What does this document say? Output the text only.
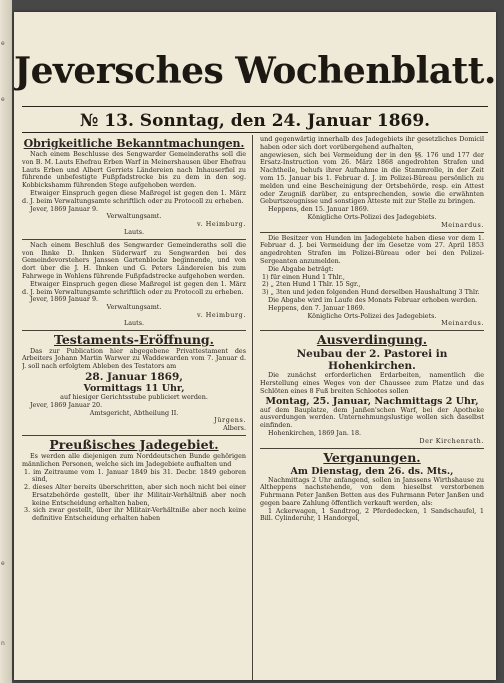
e
e
e
n
Jeversches Wochenblatt.
№ 13. Sonntag, den 24. Januar 1869.
Obrigkeitliche Bekanntmachungen.
Nach einem Beschlusse des Sengwarder Gemeinderaths soll die von B. M. Lauts Ehefrau Erben Warf in Meinershausen über Ehefrau Lauts Erben und Albert Gerriets Ländereien nach Inhauserfiel zu führende unbefestigte Fußpfadstrecke bis zu dem in den sog. Kobbickshamm führenden Stege aufgehoben werden.
Etwaiger Einspruch gegen diese Maßregel ist gegen den 1. März d. J. beim Verwaltungsamte schriftlich oder zu Protocoll zu erheben.
Jever, 1869 Januar 9.
Verwaltungsamt.
v. Heimburg.
Lauts.
Nach einem Beschluß des Sengwarder Gemeinderaths soll die von Ihnke D. Ihnken Süderwarf zu Sengwarden bei des Gemeindevorstehers Janssen Gartenblocke beginnende, und von dort über die J. H. Ihnken und G. Peters Ländereien bis zum Fahrwege in Wohlens führende Fußpfadstrecke aufgehoben werden.
Etwaiger Einspruch gegen diese Maßregel ist gegen den 1. März d. J. beim Verwaltungsamte schriftlich oder zu Protocoll zu erheben.
Jever, 1869 Januar 9.
Verwaltungsamt.
v. Heimburg.
Lauts.
Testaments-Eröffnung.
Das zur Publication hier abgegebene Privattestament des Arbeiters Johann Martin Warwer zu Waddewarden vom 7. Januar d. J. soll nach erfolgtem Ableben des Testators am
28. Januar 1869,
Vormittags 11 Uhr,
auf hiesiger Gerichtsstube publiciert werden.
Jever, 1869 Januar 20.
Amtsgericht, Abtheilung II.
Jürgens.
Albers.
Preußisches Jadegebiet.
Es werden alle diejenigen zum Norddeutschen Bunde gehörigen männlichen Personen, welche sich im Jadegebiete aufhalten und
1. im Zeitraume vom 1. Januar 1849 bis 31. Decbr. 1849 geboren sind,
2. dieses Alter bereits überschritten, aber sich noch nicht bei einer Ersatzbehörde gestellt, über ihr Militair-Verhältniß aber noch keine Entscheidung erhalten haben,
3. sich zwar gestellt, über ihr Militair-Verhältniße aber noch keine definitive Entscheidung erhalten haben
und gegenwärtig innerhalb des Jadegebiets ihr gesetzliches Domicil haben oder sich dort vorübergehend aufhalten,
angewiesen, sich bei Vermeidung der in den §§. 176 und 177 der Ersatz-Instruction vom 26. März 1868 angedrohten Strafen und Nachtheile, behufs ihrer Aufnahme in die Stammrolle, in der Zeit vom 15. Januar bis 1. Februar d. J. im Polizei-Büreau persönlich zu melden und eine Bescheinigung der Ortsbehörde, resp. ein Attest oder Zeugniß darüber, zu entsprechenden, sowie die erwähnten Geburtszeugnisse und sonstigen Atteste mit zur Stelle zu bringen.
Heppens, den 15. Januar 1869.
Königliche Orts-Polizei des Jadegebiets.
Meinardus.
Die Besitzer von Hunden im Jadegebiete haben diese vor dem 1. Februar d. J. bei Vermeidung der im Gesetze vom 27. April 1853 angedrohten Strafen im Polizei-Büreau oder bei den Polizei-Sergeanten anzumelden.
Die Abgabe beträgt:
1) für einen Hund 1 Thlr.,
2) „ 2ten Hund 1 Thlr. 15 Sgr.,
3) „ 3ten und jeden folgenden Hund derselben Haushaltung 3 Thlr.
Die Abgabe wird im Laufe des Monats Februar erhoben werden.
Heppens, den 7. Januar 1869.
Königliche Orts-Polizei des Jadegebiets.
Meinardus.
Ausverdingung.
Neubau der 2. Pastorei in Hohenkirchen.
Die zunächst erforderlichen Erdarbeiten, namentlich die Herstellung eines Weges von der Chaussee zum Platze und das Schlöten eines 8 Fuß breiten Schlootes sollen
Montag, 25. Januar, Nachmittags 2 Uhr,
auf dem Bauplatze, dem Janßen'schen Warf, bei der Apotheke ausverdungen werden. Unternehmungslustige wollen sich daselbst einfinden.
Hohenkirchen, 1869 Jan. 18.
Der Kirchenrath.
Verganungen.
Am Dienstag, den 26. ds. Mts.,
Nachmittags 2 Uhr anfangend, sollen in Janssens Wirthshause zu Altheppens nachstehende, von dem hieselbst verstorbenen Fuhrmann Peter Janßen Betten aus des Fuhrmann Peter Janßen und gegen baare Zahlung öffentlich verkauft werden, als:
1 Ackerwagen, 1 Sandtrog, 2 Pferdedecken, 1 Sandschaufel, 1 Bill. Cylinderuhr, 1 Handorgel,
